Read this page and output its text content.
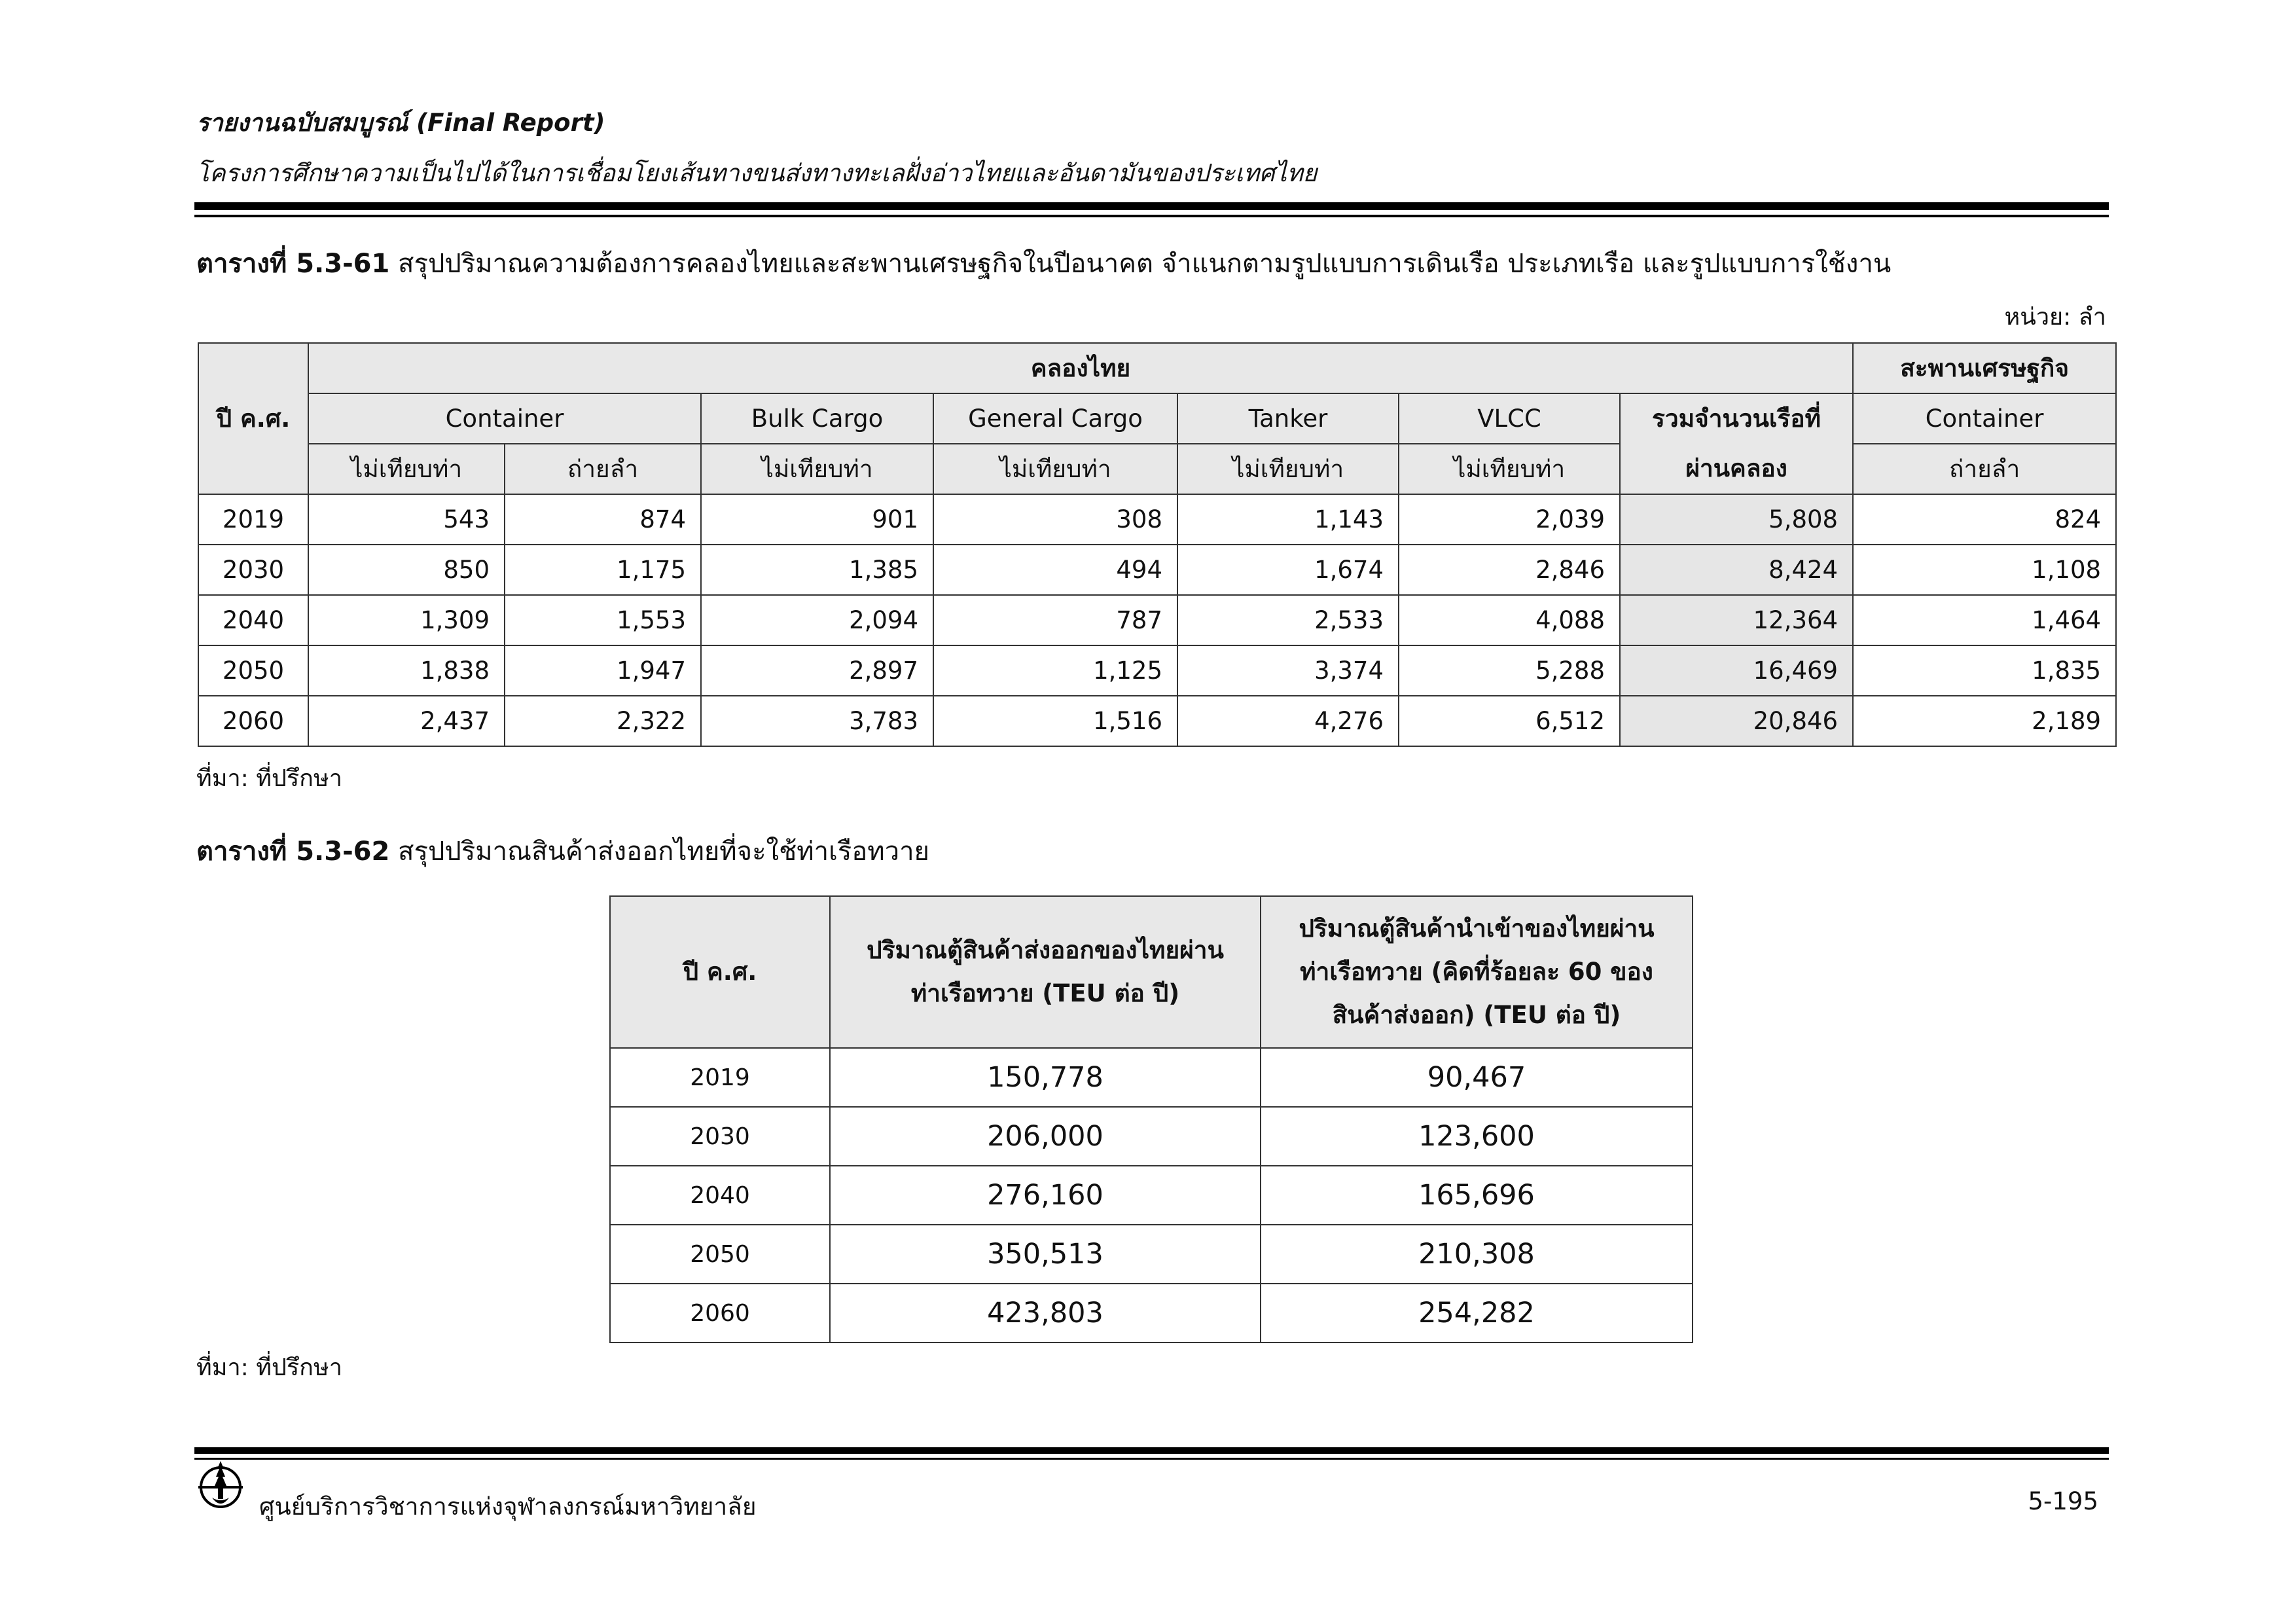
รายงานฉบับสมบูรณ์ (Final Report)
โครงการศึกษาความเป็นไปได้ในการเชื่อมโยงเส้นทางขนส่งทางทะเลฝั่งอ่าวไทยและอันดามันของประเทศไทย
ตารางที่ 5.3-61 สรุปปริมาณความต้องการคลองไทยและสะพานเศรษฐกิจในปีอนาคต จำแนกตามรูปแบบการเดินเรือ ประเภทเรือ และรูปแบบการใช้งาน
หน่วย: ลำ
ปี ค.ศ.	คลองไทย							สะพานเศรษฐกิจ
	Container		Bulk Cargo	General Cargo	Tanker	VLCC	รวมจำนวนเรือที่ผ่านคลอง	Container
	ไม่เทียบท่า	ถ่ายลำ	ไม่เทียบท่า	ไม่เทียบท่า	ไม่เทียบท่า	ไม่เทียบท่า		ถ่ายลำ
2019	543	874	901	308	1,143	2,039	5,808	824
2030	850	1,175	1,385	494	1,674	2,846	8,424	1,108
2040	1,309	1,553	2,094	787	2,533	4,088	12,364	1,464
2050	1,838	1,947	2,897	1,125	3,374	5,288	16,469	1,835
2060	2,437	2,322	3,783	1,516	4,276	6,512	20,846	2,189
ที่มา: ที่ปรึกษา
ตารางที่ 5.3-62 สรุปปริมาณสินค้าส่งออกไทยที่จะใช้ท่าเรือทวาย
ปี ค.ศ.	ปริมาณตู้สินค้าส่งออกของไทยผ่านท่าเรือทวาย (TEU ต่อ ปี)	ปริมาณตู้สินค้านำเข้าของไทยผ่านท่าเรือทวาย (คิดที่ร้อยละ 60 ของสินค้าส่งออก) (TEU ต่อ ปี)
2019	150,778	90,467
2030	206,000	123,600
2040	276,160	165,696
2050	350,513	210,308
2060	423,803	254,282
ที่มา: ที่ปรึกษา
ศูนย์บริการวิชาการแห่งจุฬาลงกรณ์มหาวิทยาลัย	5-195
